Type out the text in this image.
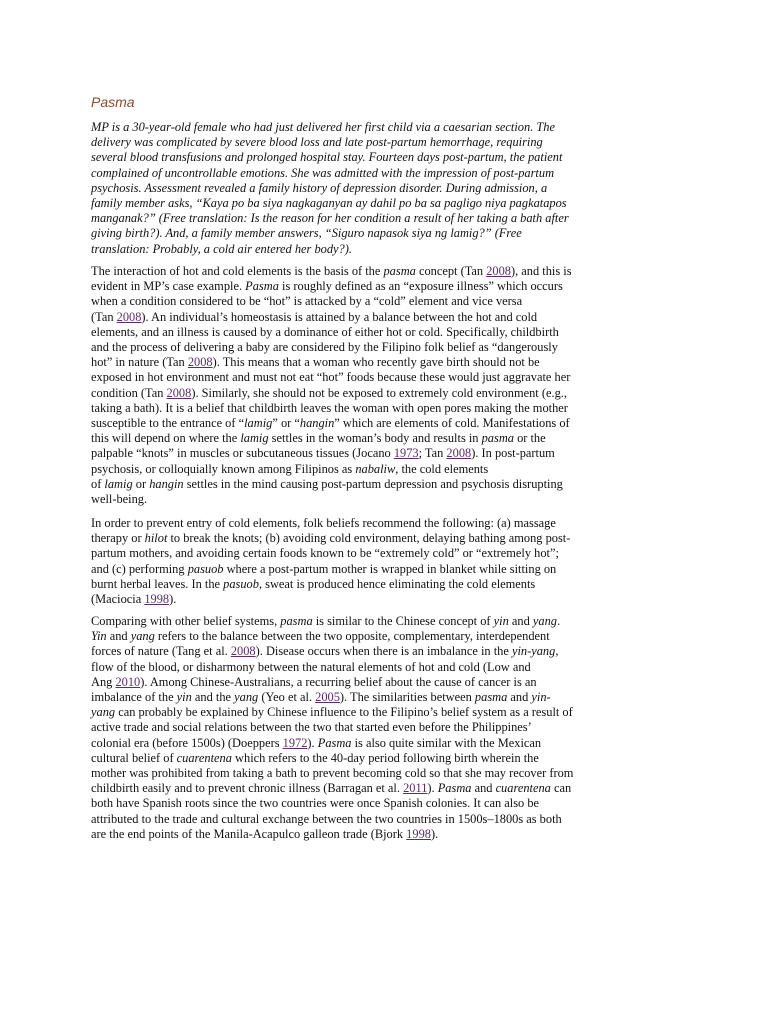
Pasma
MP is a 30-year-old female who had just delivered her first child via a caesarian section. The
delivery was complicated by severe blood loss and late post-partum hemorrhage, requiring
several blood transfusions and prolonged hospital stay. Fourteen days post-partum, the patient
complained of uncontrollable emotions. She was admitted with the impression of post-partum
psychosis. Assessment revealed a family history of depression disorder. During admission, a
family member asks, “Kaya po ba siya nagkaganyan ay dahil po ba sa pagligo niya pagkatapos
manganak?” (Free translation: Is the reason for her condition a result of her taking a bath after
giving birth?). And, a family member answers, “Siguro napasok siya ng lamig?” (Free
translation: Probably, a cold air entered her body?).
The interaction of hot and cold elements is the basis of the pasma concept (Tan 2008), and this is
evident in MP’s case example. Pasma is roughly defined as an “exposure illness” which occurs
when a condition considered to be “hot” is attacked by a “cold” element and vice versa
(Tan 2008). An individual’s homeostasis is attained by a balance between the hot and cold
elements, and an illness is caused by a dominance of either hot or cold. Specifically, childbirth
and the process of delivering a baby are considered by the Filipino folk belief as “dangerously
hot” in nature (Tan 2008). This means that a woman who recently gave birth should not be
exposed in hot environment and must not eat “hot” foods because these would just aggravate her
condition (Tan 2008). Similarly, she should not be exposed to extremely cold environment (e.g.,
taking a bath). It is a belief that childbirth leaves the woman with open pores making the mother
susceptible to the entrance of “lamig” or “hangin” which are elements of cold. Manifestations of
this will depend on where the lamig settles in the woman’s body and results in pasma or the
palpable “knots” in muscles or subcutaneous tissues (Jocano 1973; Tan 2008). In post-partum
psychosis, or colloquially known among Filipinos as nabaliw, the cold elements
of lamig or hangin settles in the mind causing post-partum depression and psychosis disrupting
well-being.
In order to prevent entry of cold elements, folk beliefs recommend the following: (a) massage
therapy or hilot to break the knots; (b) avoiding cold environment, delaying bathing among post-
partum mothers, and avoiding certain foods known to be “extremely cold” or “extremely hot”;
and (c) performing pasuob where a post-partum mother is wrapped in blanket while sitting on
burnt herbal leaves. In the pasuob, sweat is produced hence eliminating the cold elements
(Maciocia 1998).
Comparing with other belief systems, pasma is similar to the Chinese concept of yin and yang.
Yin and yang refers to the balance between the two opposite, complementary, interdependent
forces of nature (Tang et al. 2008). Disease occurs when there is an imbalance in the yin-yang,
flow of the blood, or disharmony between the natural elements of hot and cold (Low and
Ang 2010). Among Chinese-Australians, a recurring belief about the cause of cancer is an
imbalance of the yin and the yang (Yeo et al. 2005). The similarities between pasma and yin-
yang can probably be explained by Chinese influence to the Filipino’s belief system as a result of
active trade and social relations between the two that started even before the Philippines’
colonial era (before 1500s) (Doeppers 1972). Pasma is also quite similar with the Mexican
cultural belief of cuarentena which refers to the 40-day period following birth wherein the
mother was prohibited from taking a bath to prevent becoming cold so that she may recover from
childbirth easily and to prevent chronic illness (Barragan et al. 2011). Pasma and cuarentena can
both have Spanish roots since the two countries were once Spanish colonies. It can also be
attributed to the trade and cultural exchange between the two countries in 1500s–1800s as both
are the end points of the Manila-Acapulco galleon trade (Bjork 1998).
